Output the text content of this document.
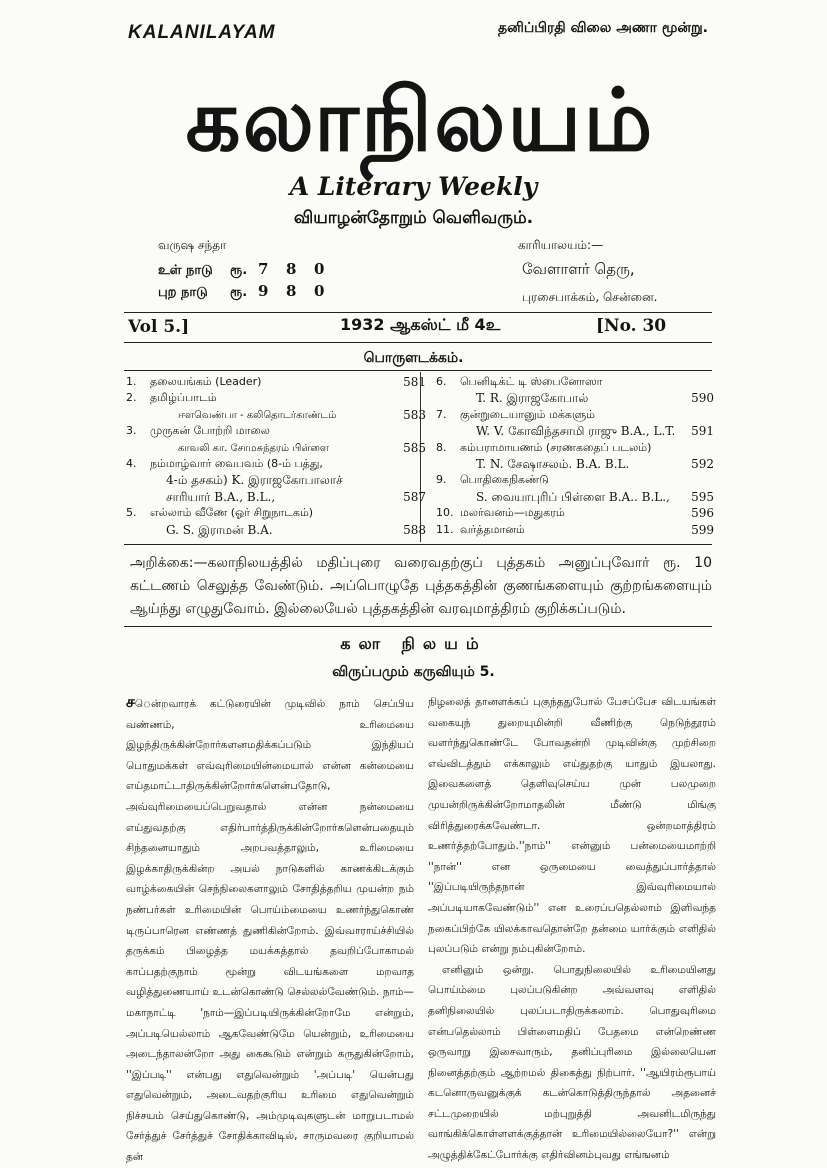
KALANILAYAM	தனிப்பிரதி விலை அணா மூன்று.
கலாநிலயம்
A Literary Weekly
வியாழன்தோறும் வெளிவரும்.
வருஷ சந்தா
உள் நாடு ரூ. 7 8 0
புற நாடு ரூ. 9 8 0
காரியாலயம்:—
வேளாளர் தெரு,
புரசைபாக்கம், சென்னை.
Vol 5.]	1932 ஆகஸ்ட் மீ 4உ	[No. 30
பொருளடக்கம்.
1. தலையங்கம் (Leader)	581
2. தமிழ்ப்பாடம்
ஈளவெண்பா - கலிதொடர்காண்டம்	583
3. முருகன் போற்றி மாலை
காவலி கா. சோமசுந்தரம் பிள்ளை	585
4. நம்மாழ்வார் வைபவம் (8-ம் பத்து,
4-ம் தசகம்) K. இராஜகோபாலாச்
சாரியார் B.A., B.L.,	587
5. எல்லாம் வீணே (ஓர் சிறுநாடகம்)
G. S. இராமன் B.A.	588
6. பெனிடிக்ட் டி ஸ்பைனோஸா
T. R. இராஜகோபால்	590
7. குன்றுடையானும் மக்களும்
W. V. கோவிந்தசாமி ராஜு B.A., L.T. 591
8. கம்பராமாயணம் (சரணகதைப் படலம்)
T. N. சேஷாசலம். B.A. B.L.	592
9. பொதிகைநிகண்டு
S. வையாபுரிப் பிள்ளை B.A.. B.L., 595
10. மலர்வனம்—மதுகரம்	596
11. வர்த்தமானம்	599
அறிக்கை:—கலாநிலயத்தில் மதிப்புரை வரைவதற்குப் புத்தகம் அனுப்புவோர் ரூ. 10 கட்டணம் செலுத்த வேண்டும். அப்பொழுதே புத்தகத்தின் குணங்களையும் குற்றங்களையும் ஆய்ந்து எழுதுவோம். இல்லையேல் புத்தகத்தின் வரவுமாத்திரம் குறிக்கப்படும்.
கலா நிலயம்
விருப்பமும் கருவியும் 5.

சென்றவாரக் கட்டுரையின் முடிவில் நாம் செப்பிய வண்ணம், உரிமையை இழந்திருக்கின்றோர்களனமதிக்கப்படும் இந்தியப் பொதுமக்கள் எவ்வுரிமையின்மையால் என்ன கன்மையை எய்தமாட்டாதிருக்கின்றோர்களென்பதோடு, அவ்வுரிமையைப்பெறுவதால் என்ன நன்மையை எய்துவதற்கு எதிர்பார்த்திருக்கின்றோர்களென்பதையும் சிந்தனையாதும் அறபவத்தாலும், உரிமையை இழக்காதிருக்கின்ற அயல் நாடுகளில் காணக்கிடக்கும் வாழ்க்கையின் செந்நிலைகளாலும் சோதித்தறிய முயன்ற நம் நண்பர்கள் உரிமையின் பொய்ம்மையை உணர்ந்துகொண் டிருப்பாரென எண்ணத் துணிகின்றோம். இவ்வாராய்ச்சியில் தருக்கம் பிழைத்த மயக்கத்தால் தவறிப்போகாமல் காப்பதற்குநாம் மூன்று விடயங்களை மறவாத வழித்துணையாய் உடன்கொண்டு செல்லல்வேண்டும். நாம்—மகாநாட்டி 'நாம்—இப்படியிருக்கின்றோமே என்றும், அப்படியெல்லாம் ஆகவேண்டுமே யென்றும், உரிமையை அடைந்தாலன்றோ அது கைகூடும் என்றும் கருதுகின்றோம், ''இப்படி'' என்பது எதுவென்றும் 'அப்படி' யென்பது எதுவென்றும், அடைவதற்குரிய உரிமை எதுவென்றும் நிச்சயம் செய்துகொண்டு, அம்முடிவுகளுடன் மாறுபடாமல் சேர்த்துச் சேர்த்துச் சோதிக்காவிடில், சாருமவரை குறியாமல் தன்

நிழலைத் தானளக்கப் புகுந்ததுபோல் பேசப்பேச விடயங்கள் வகையுந் துறையுமின்றி வீணிற்கு நெடுந்தூரம் வளர்ந்துகொண்டே போவதன்றி முடிவின்கு முற்சிறை எவ்விடத்தும் எக்காலும் எய்துதற்கு யாதும் இயலாது. இவைகளைத் தெளிவுசெய்ய முன் பலமுறை முயன்றிருக்கின்றோமாதலின் மீண்டு மிங்கு விரித்துரைக்கவேண்டா. ஒன்றமாத்திரம் உணர்த்தற்போதும்.''நாம்'' என்னும் பன்மையைமாற்றி ''நான்'' என ஒருமையை வைத்துப்பார்த்தால் ''இப்படியிருந்தநான் இவ்வுரிமையால் அப்படியாகவேண்டும்'' என உரைப்பதெல்லாம் இளிவந்த நகைப்பிற்கே யிலக்காவதொன்றே தன்மை யார்க்கும் எளிதில் புலப்படும் என்று நம்புகின்றோம்.

எனினும் ஒன்று. பொதுநிலையில் உரிமையினது பொய்ம்மை புலப்படுகின்ற அவ்வளவு எளிதில் தனிநிலையில் புலப்படாதிருக்கலாம். பொதுவுரிமை என்பதெல்லாம் பிள்ளைமதிப் பேதமை என்றெண்ண ஒருவாறு இசைவாரும், தனிப்புரிமை இல்லையென நினைத்தற்கும் ஆற்றமல் திகைத்து நிற்பார். ''ஆயிரம்ரூபாய் கடனொருவனுக்குக் கடன்கொடுத்திருந்தால் அதனைச் சட்டமுறையில் மற்புறுத்தி அவனிடமிருந்து வாங்கிக்கொள்ளளக்குத்தான் உரிமையில்லையோ?'' என்று அழுத்திக்கேட்போர்க்கு எதிர்வினம்புவது எங்ஙனம்
